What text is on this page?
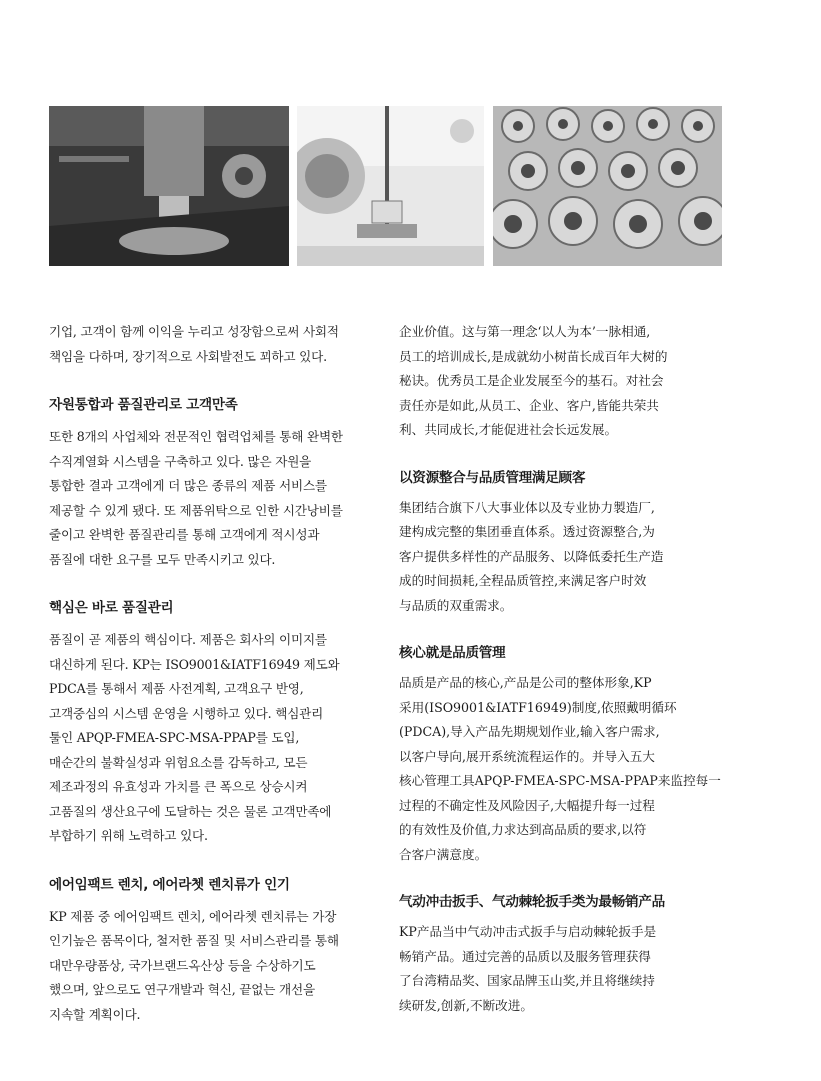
기업, 고객이 함께 이익을 누리고 성장함으로써 사회적
책임을 다하며, 장기적으로 사회발전도 꾀하고 있다.

자원통합과 품질관리로 고객만족

또한 8개의 사업체와 전문적인 협력업체를 통해 완벽한
수직계열화 시스템을 구축하고 있다. 많은 자원을
통합한 결과 고객에게 더 많은 종류의 제품 서비스를
제공할 수 있게 됐다. 또 제품위탁으로 인한 시간낭비를
줄이고 완벽한 품질관리를 통해 고객에게 적시성과
품질에 대한 요구를 모두 만족시키고 있다.

핵심은 바로 품질관리

품질이 곧 제품의 핵심이다. 제품은 회사의 이미지를
대신하게 된다. KP는 ISO9001&IATF16949 제도와
PDCA를 통해서 제품 사전계획, 고객요구 반영,
고객중심의 시스템 운영을 시행하고 있다. 핵심관리
툴인 APQP-FMEA-SPC-MSA-PPAP를 도입,
매순간의 불확실성과 위험요소를 감독하고, 모든
제조과정의 유효성과 가치를 큰 폭으로 상승시켜
고품질의 생산요구에 도달하는 것은 물론 고객만족에
부합하기 위해 노력하고 있다.

에어임팩트 렌치, 에어라쳇 렌치류가 인기

KP 제품 중 에어임팩트 렌치, 에어라쳇 렌치류는 가장
인기높은 품목이다, 철저한 품질 및 서비스관리를 통해
대만우량품상, 국가브랜드옥산상 등을 수상하기도
했으며, 앞으로도 연구개발과 혁신, 끝없는 개선을
지속할 계획이다.

企业价值。这与第一理念‘以人为本’一脉相通,
员工的培训成长,是成就幼小树苗长成百年大树的
秘诀。优秀员工是企业发展至今的基石。对社会
责任亦是如此,从员工、企业、客户,皆能共荣共
利、共同成长,才能促进社会长远发展。

以资源整合与品质管理满足顾客

集团结合旗下八大事业体以及专业协力製造厂,
建构成完整的集团垂直体系。透过资源整合,为
客户提供多样性的产品服务、以降低委托生产造
成的时间损耗,全程品质管控,来满足客户时效
与品质的双重需求。

核心就是品质管理

品质是产品的核心,产品是公司的整体形象,KP
采用(ISO9001&IATF16949)制度,依照戴明循环
(PDCA),导入产品先期规划作业,输入客户需求,
以客户导向,展开系统流程运作的。并导入五大
核心管理工具APQP-FMEA-SPC-MSA-PPAP来监控每一
过程的不确定性及风险因子,大幅提升每一过程
的有效性及价值,力求达到高品质的要求,以符
合客户满意度。

气动冲击扳手、气动棘轮扳手类为最畅销产品

KP产品当中气动冲击式扳手与启动棘轮扳手是
畅销产品。通过完善的品质以及服务管理获得
了台湾精品奖、国家品牌玉山奖,并且将继续持
续研发,创新,不断改进。
